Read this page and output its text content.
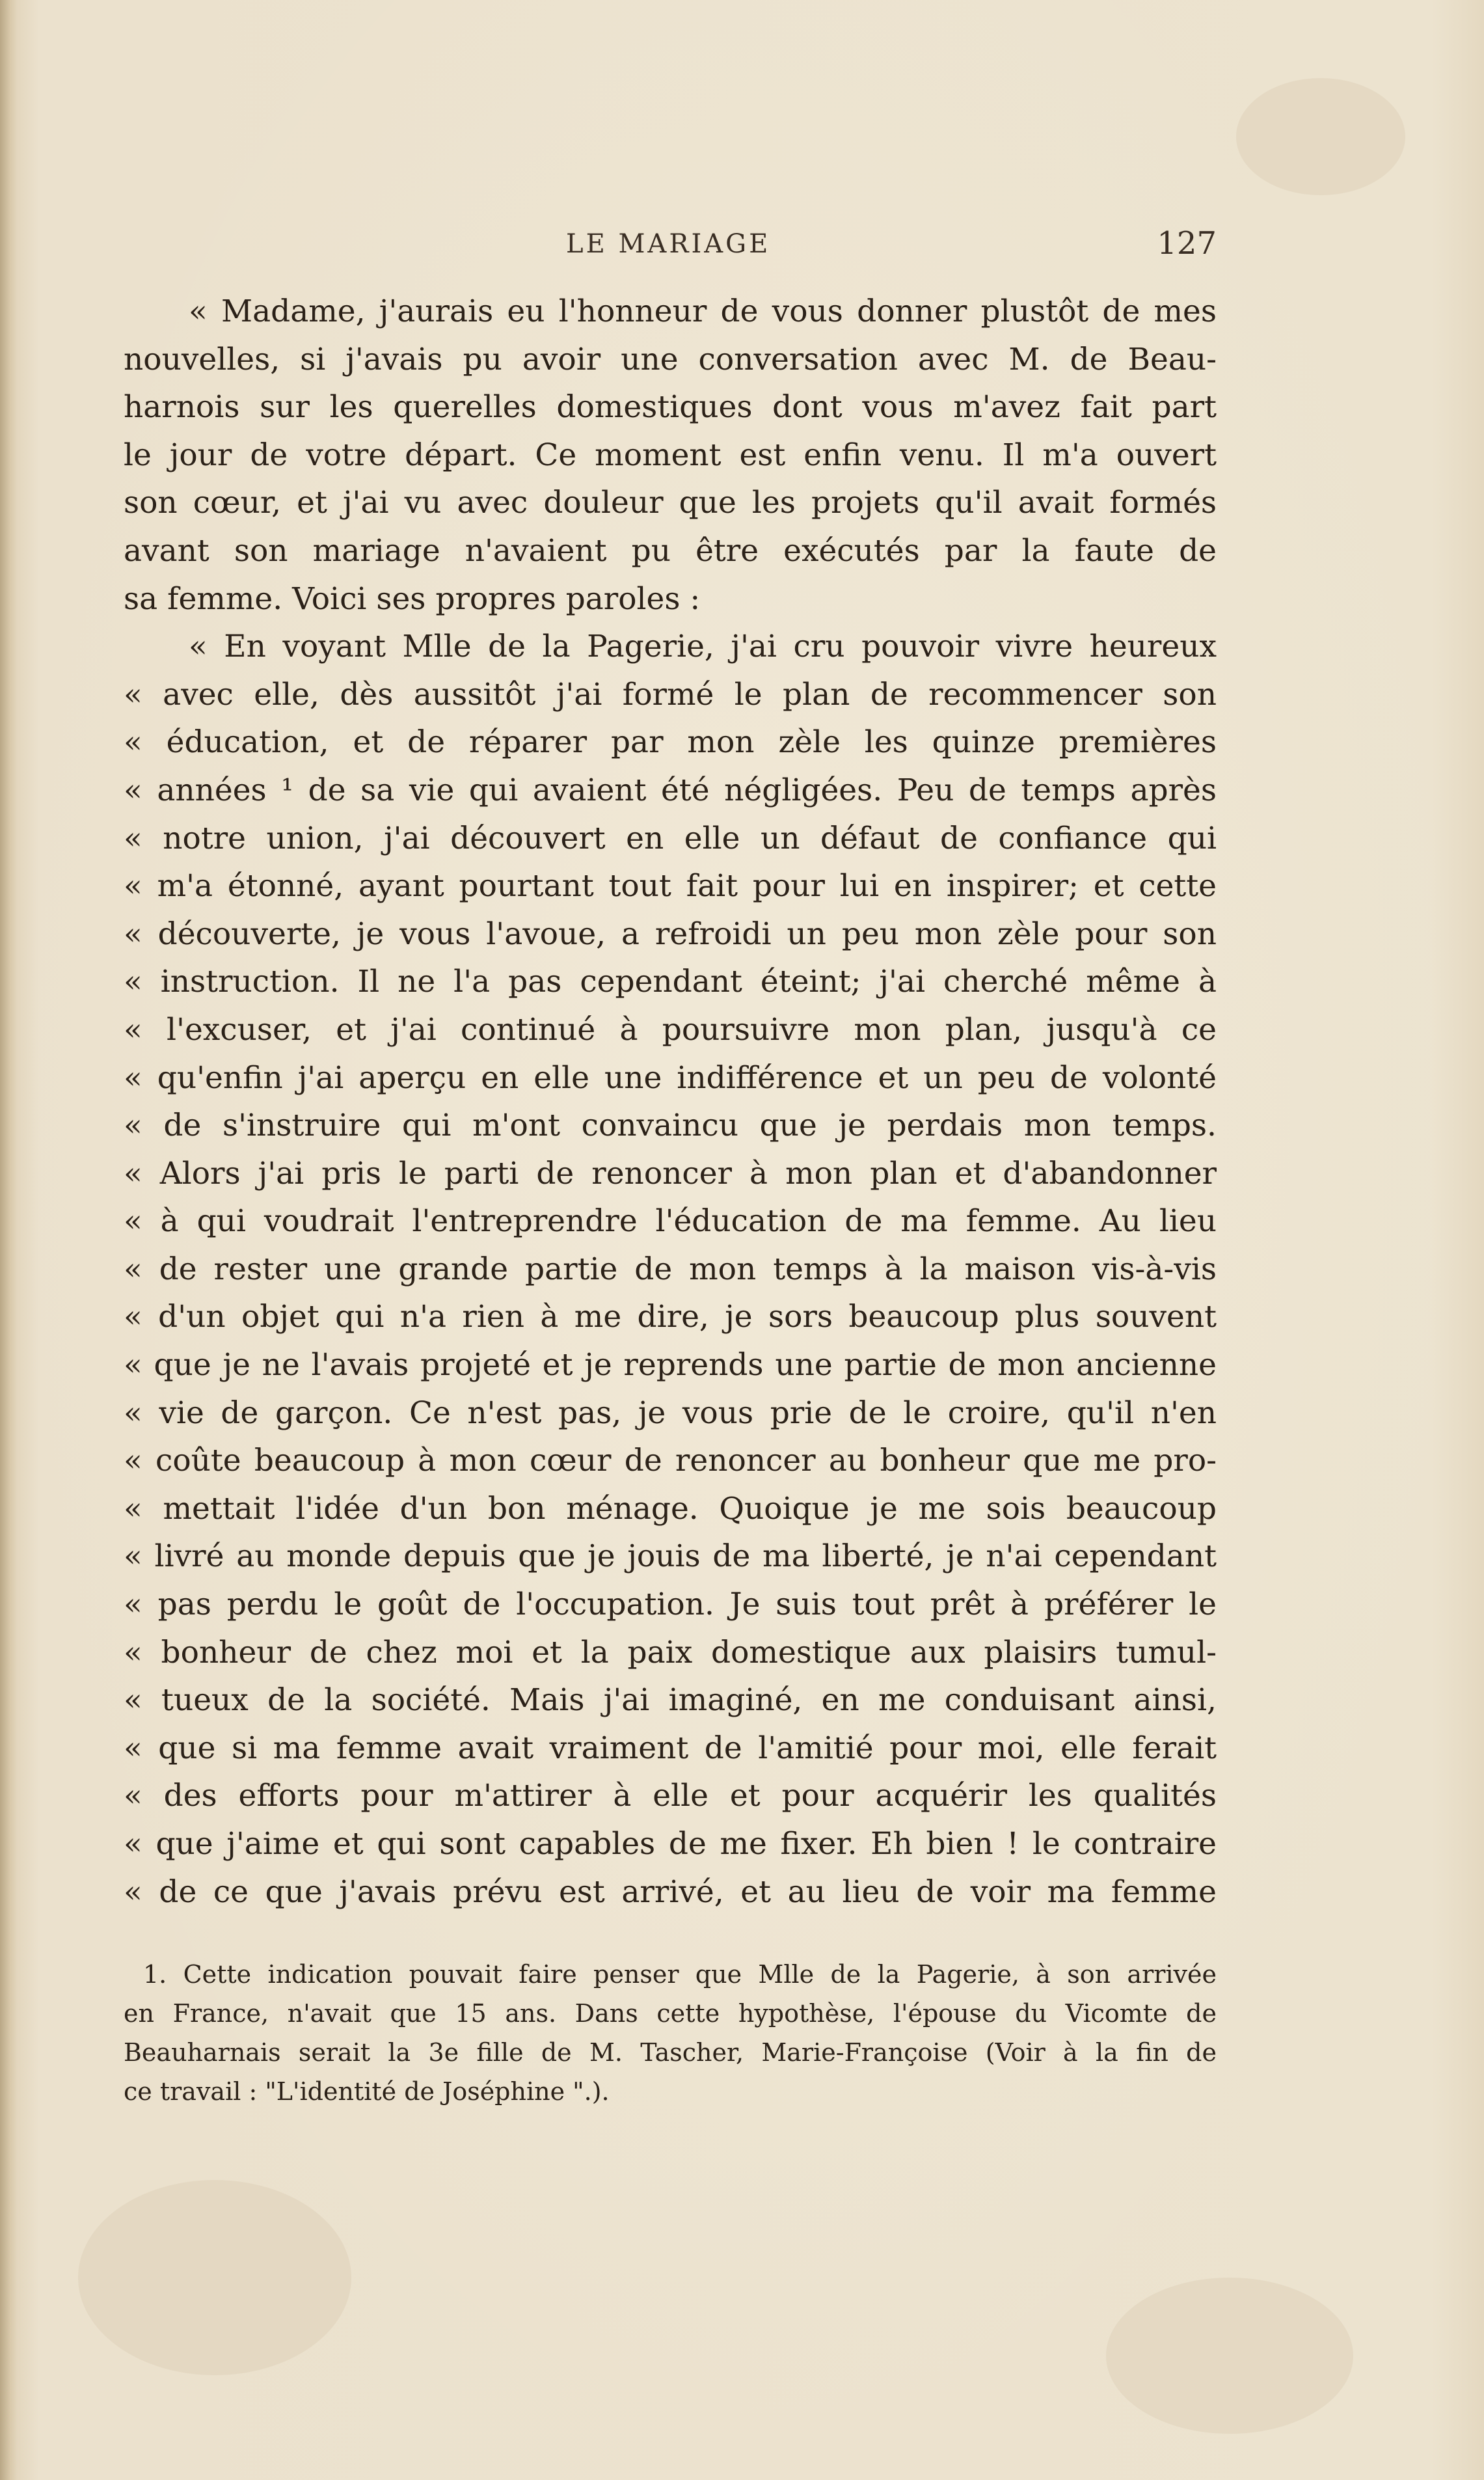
LE MARIAGE	127
« Madame, j'aurais eu l'honneur de vous donner plustôt de mes
nouvelles, si j'avais pu avoir une conversation avec M. de Beau-
harnois sur les querelles domestiques dont vous m'avez fait part
le jour de votre départ. Ce moment est enfin venu. Il m'a ouvert
son cœur, et j'ai vu avec douleur que les projets qu'il avait formés
avant son mariage n'avaient pu être exécutés par la faute de
sa femme. Voici ses propres paroles :
« En voyant Mlle de la Pagerie, j'ai cru pouvoir vivre heureux
« avec elle, dès aussitôt j'ai formé le plan de recommencer son
« éducation, et de réparer par mon zèle les quinze premières
« années ¹ de sa vie qui avaient été négligées. Peu de temps après
« notre union, j'ai découvert en elle un défaut de confiance qui
« m'a étonné, ayant pourtant tout fait pour lui en inspirer; et cette
« découverte, je vous l'avoue, a refroidi un peu mon zèle pour son
« instruction. Il ne l'a pas cependant éteint; j'ai cherché même à
« l'excuser, et j'ai continué à poursuivre mon plan, jusqu'à ce
« qu'enfin j'ai aperçu en elle une indifférence et un peu de volonté
« de s'instruire qui m'ont convaincu que je perdais mon temps.
« Alors j'ai pris le parti de renoncer à mon plan et d'abandonner
« à qui voudrait l'entreprendre l'éducation de ma femme. Au lieu
« de rester une grande partie de mon temps à la maison vis-à-vis
« d'un objet qui n'a rien à me dire, je sors beaucoup plus souvent
« que je ne l'avais projeté et je reprends une partie de mon ancienne
« vie de garçon. Ce n'est pas, je vous prie de le croire, qu'il n'en
« coûte beaucoup à mon cœur de renoncer au bonheur que me pro-
« mettait l'idée d'un bon ménage. Quoique je me sois beaucoup
« livré au monde depuis que je jouis de ma liberté, je n'ai cependant
« pas perdu le goût de l'occupation. Je suis tout prêt à préférer le
« bonheur de chez moi et la paix domestique aux plaisirs tumul-
« tueux de la société. Mais j'ai imaginé, en me conduisant ainsi,
« que si ma femme avait vraiment de l'amitié pour moi, elle ferait
« des efforts pour m'attirer à elle et pour acquérir les qualités
« que j'aime et qui sont capables de me fixer. Eh bien ! le contraire
« de ce que j'avais prévu est arrivé, et au lieu de voir ma femme
1. Cette indication pouvait faire penser que Mlle de la Pagerie, à son arrivée
en France, n'avait que 15 ans. Dans cette hypothèse, l'épouse du Vicomte de
Beauharnais serait la 3e fille de M. Tascher, Marie-Françoise (Voir à la fin de
ce travail : "L'identité de Joséphine ".).
